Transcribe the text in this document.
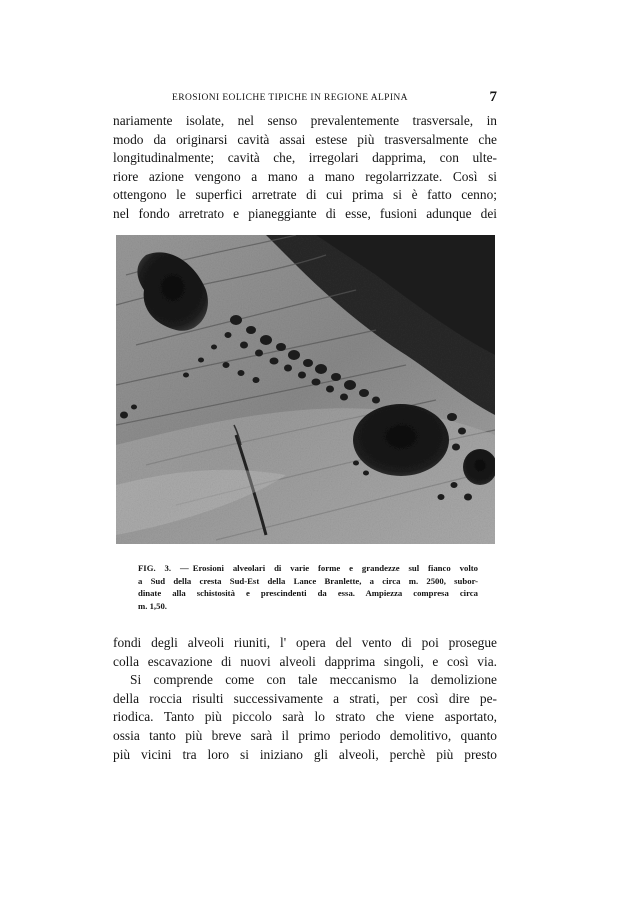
EROSIONI EOLICHE TIPICHE IN REGIONE ALPINA	7
nariamente isolate, nel senso prevalentemente trasversale, in
modo da originarsi cavità assai estese più trasversalmente che
longitudinalmente; cavità che, irregolari dapprima, con ulte-
riore azione vengono a mano a mano regolarrizzate. Così si
ottengono le superfici arretrate di cui prima si è fatto cenno;
nel fondo arretrato e pianeggiante di esse, fusioni adunque dei
FIG. 3. — Erosioni alveolari di varie forme e grandezze sul fianco volto
a Sud della cresta Sud-Est della Lance Branlette, a circa m. 2500, subor-
dinate alla schistosità e prescindenti da essa. Ampiezza compresa circa
m. 1,50.
fondi degli alveoli riuniti, l' opera del vento di poi prosegue
colla escavazione di nuovi alveoli dapprima singoli, e così via.
Si comprende come con tale meccanismo la demolizione
della roccia risulti successivamente a strati, per così dire pe-
riodica. Tanto più piccolo sarà lo strato che viene asportato,
ossia tanto più breve sarà il primo periodo demolitivo, quanto
più vicini tra loro si iniziano gli alveoli, perchè più presto
